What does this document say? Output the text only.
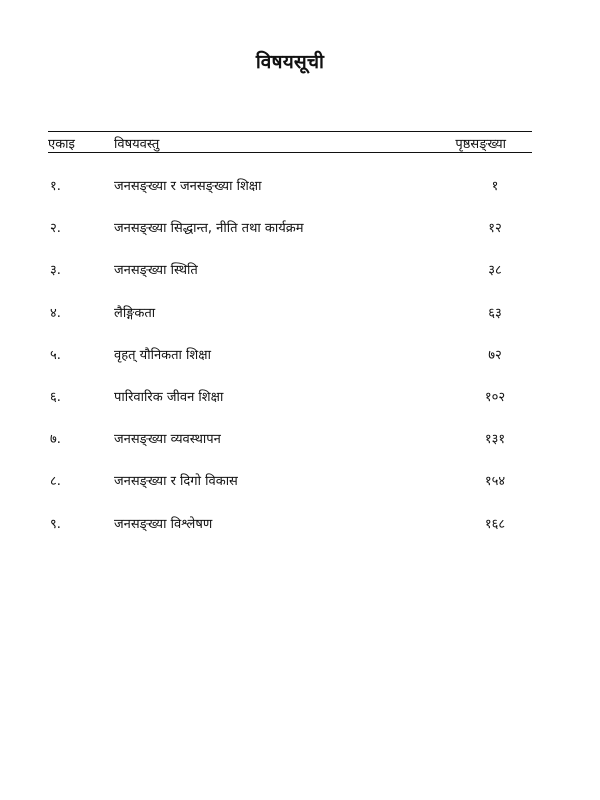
विषयसूची
एकाइ	विषयवस्तु	पृष्ठसङ्ख्या
१.	जनसङ्ख्या र जनसङ्ख्या शिक्षा	१
२.	जनसङ्ख्या सिद्धान्त, नीति तथा कार्यक्रम	१२
३.	जनसङ्ख्या स्थिति	३८
४.	लैङ्गिकता	६३
५.	वृहत् यौनिकता शिक्षा	७२
६.	पारिवारिक जीवन शिक्षा	१०२
७.	जनसङ्ख्या व्यवस्थापन	१३१
८.	जनसङ्ख्या र दिगो विकास	१५४
९.	जनसङ्ख्या विश्लेषण	१६८
